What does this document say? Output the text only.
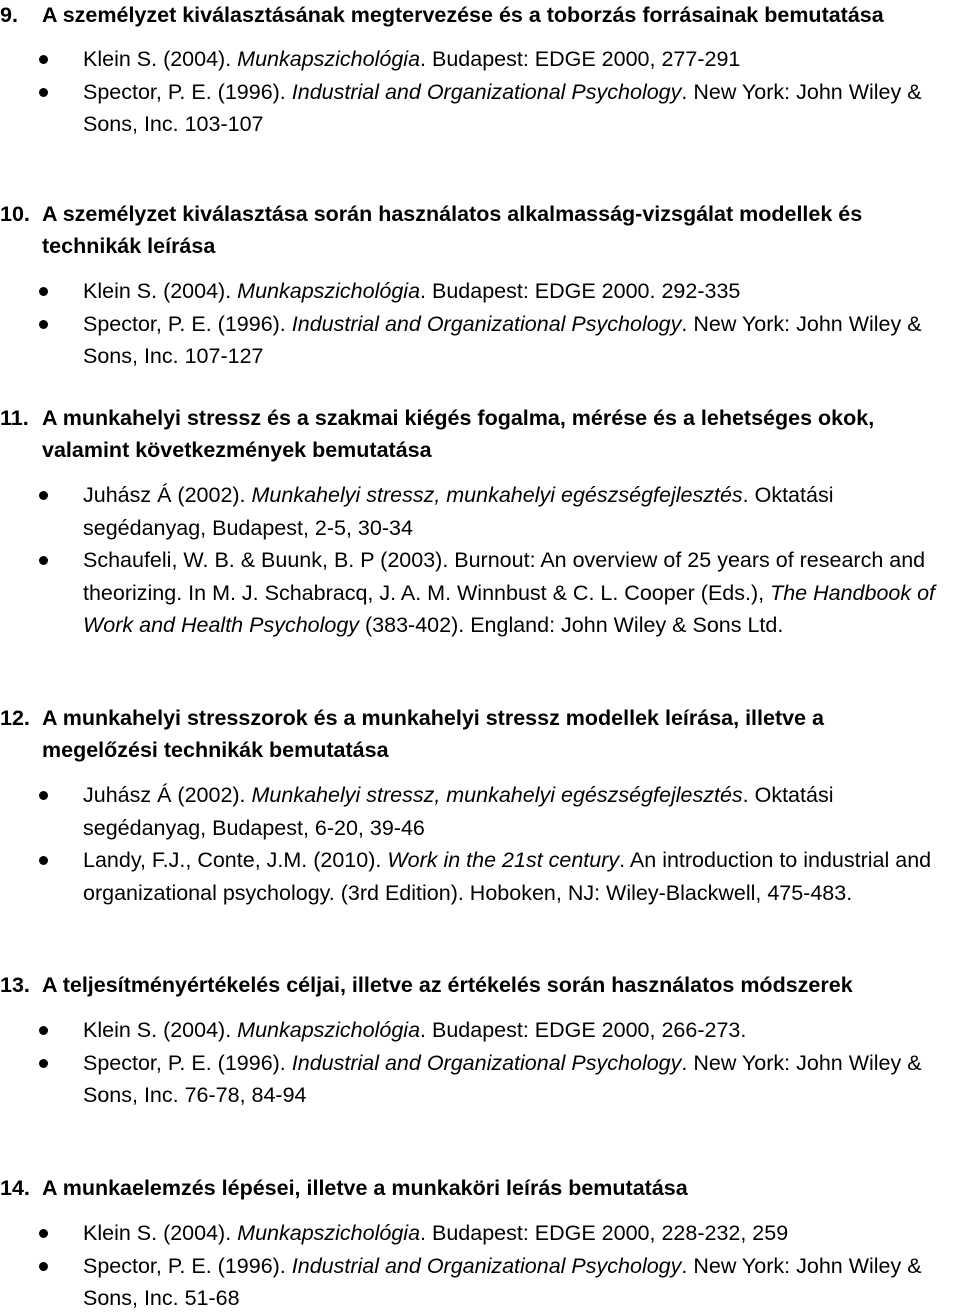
9. A személyzet kiválasztásának megtervezése és a toborzás forrásainak bemutatása
Klein S. (2004). Munkapszichológia. Budapest: EDGE 2000, 277-291
Spector, P. E. (1996). Industrial and Organizational Psychology. New York: John Wiley & Sons, Inc. 103-107
10. A személyzet kiválasztása során használatos alkalmasság-vizsgálat modellek és technikák leírása
Klein S. (2004). Munkapszichológia. Budapest: EDGE 2000. 292-335
Spector, P. E. (1996). Industrial and Organizational Psychology. New York: John Wiley & Sons, Inc. 107-127
11. A munkahelyi stressz és a szakmai kiégés fogalma, mérése és a lehetséges okok, valamint következmények bemutatása
Juhász Á (2002). Munkahelyi stressz, munkahelyi egészségfejlesztés. Oktatási segédanyag, Budapest, 2-5, 30-34
Schaufeli, W. B. & Buunk, B. P (2003). Burnout: An overview of 25 years of research and theorizing. In M. J. Schabracq, J. A. M. Winnbust & C. L. Cooper (Eds.), The Handbook of Work and Health Psychology (383-402). England: John Wiley & Sons Ltd.
12. A munkahelyi stresszorok és a munkahelyi stressz modellek leírása, illetve a megelőzési technikák bemutatása
Juhász Á (2002). Munkahelyi stressz, munkahelyi egészségfejlesztés. Oktatási segédanyag, Budapest, 6-20, 39-46
Landy, F.J., Conte, J.M. (2010). Work in the 21st century. An introduction to industrial and organizational psychology. (3rd Edition). Hoboken, NJ: Wiley-Blackwell, 475-483.
13. A teljesítményértékelés céljai, illetve az értékelés során használatos módszerek
Klein S. (2004). Munkapszichológia. Budapest: EDGE 2000, 266-273.
Spector, P. E. (1996). Industrial and Organizational Psychology. New York: John Wiley & Sons, Inc. 76-78, 84-94
14. A munkaelemzés lépései, illetve a munkaköri leírás bemutatása
Klein S. (2004). Munkapszichológia. Budapest: EDGE 2000, 228-232, 259
Spector, P. E. (1996). Industrial and Organizational Psychology. New York: John Wiley & Sons, Inc. 51-68
